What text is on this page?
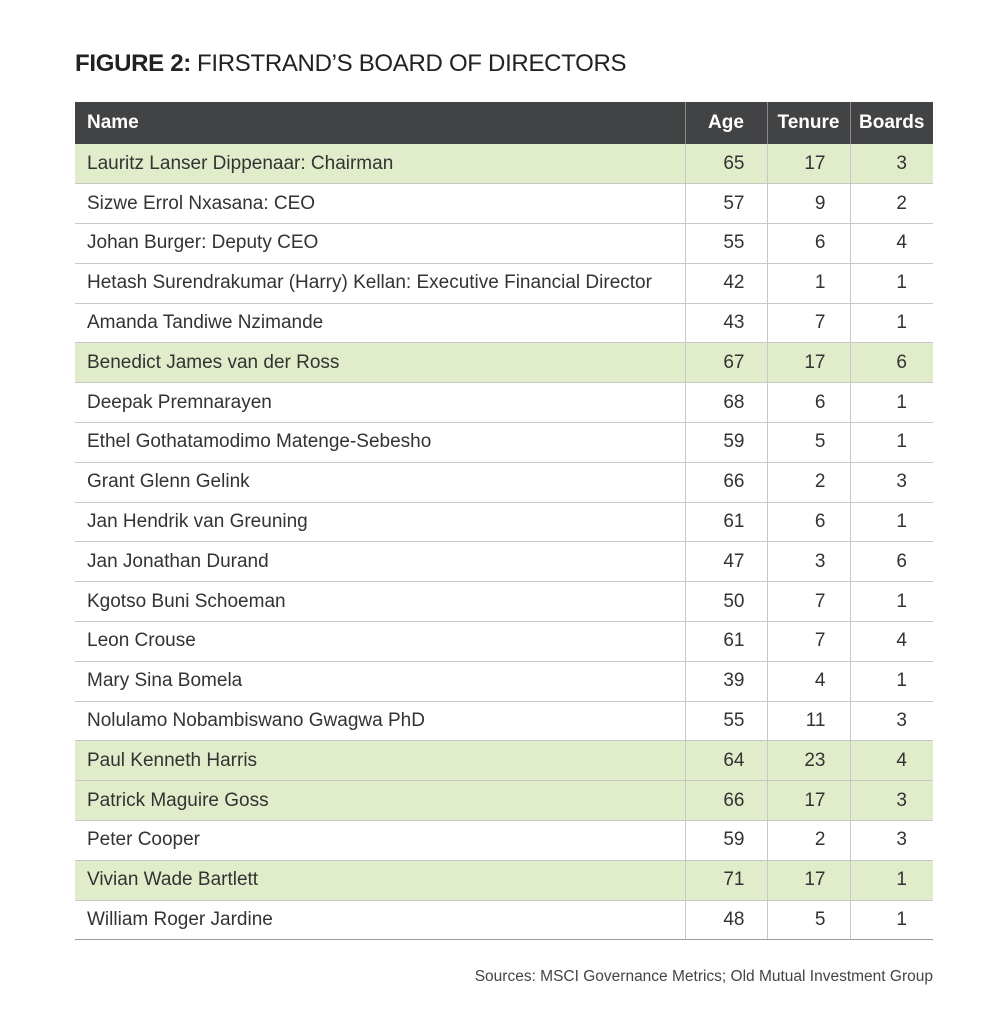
FIGURE 2: FIRSTRAND’S BOARD OF DIRECTORS
Name	Age	Tenure	Boards
Lauritz Lanser Dippenaar: Chairman	65	17	3
Sizwe Errol Nxasana: CEO	57	9	2
Johan Burger: Deputy CEO	55	6	4
Hetash Surendrakumar (Harry) Kellan: Executive Financial Director	42	1	1
Amanda Tandiwe Nzimande	43	7	1
Benedict James van der Ross	67	17	6
Deepak Premnarayen	68	6	1
Ethel Gothatamodimo Matenge-Sebesho	59	5	1
Grant Glenn Gelink	66	2	3
Jan Hendrik van Greuning	61	6	1
Jan Jonathan Durand	47	3	6
Kgotso Buni Schoeman	50	7	1
Leon Crouse	61	7	4
Mary Sina Bomela	39	4	1
Nolulamo Nobambiswano Gwagwa PhD	55	11	3
Paul Kenneth Harris	64	23	4
Patrick Maguire Goss	66	17	3
Peter Cooper	59	2	3
Vivian Wade Bartlett	71	17	1
William Roger Jardine	48	5	1
Sources: MSCI Governance Metrics; Old Mutual Investment Group
